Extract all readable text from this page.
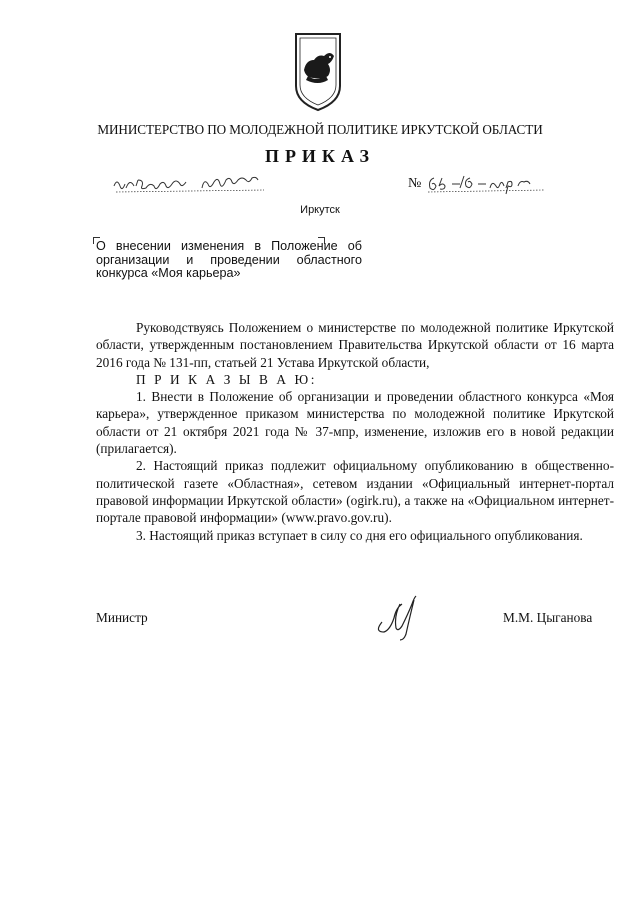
МИНИСТЕРСТВО ПО МОЛОДЕЖНОЙ ПОЛИТИКЕ ИРКУТСКОЙ ОБЛАСТИ
ПРИКАЗ
№
Иркутск
О внесении изменения в Положение об
организации и проведении областного
конкурса «Моя карьера»

Руководствуясь Положением о министерстве по молодежной политике Иркутской области, утвержденным постановлением Правительства Иркутской области от 16 марта 2016 года № 131-пп, статьей 21 Устава Иркутской области,

П Р И К А З Ы В А Ю:

1. Внести в Положение об организации и проведении областного конкурса «Моя карьера», утвержденное приказом министерства по молодежной политике Иркутской области от 21 октября 2021 года № 37-мпр, изменение, изложив его в новой редакции (прилагается).

2. Настоящий приказ подлежит официальному опубликованию в общественно-политической газете «Областная», сетевом издании «Официальный интернет-портал правовой информации Иркутской области» (ogirk.ru), а также на «Официальном интернет-портале правовой информации» (www.pravo.gov.ru).

3. Настоящий приказ вступает в силу со дня его официального опубликования.

Министр	М.М. Цыганова
